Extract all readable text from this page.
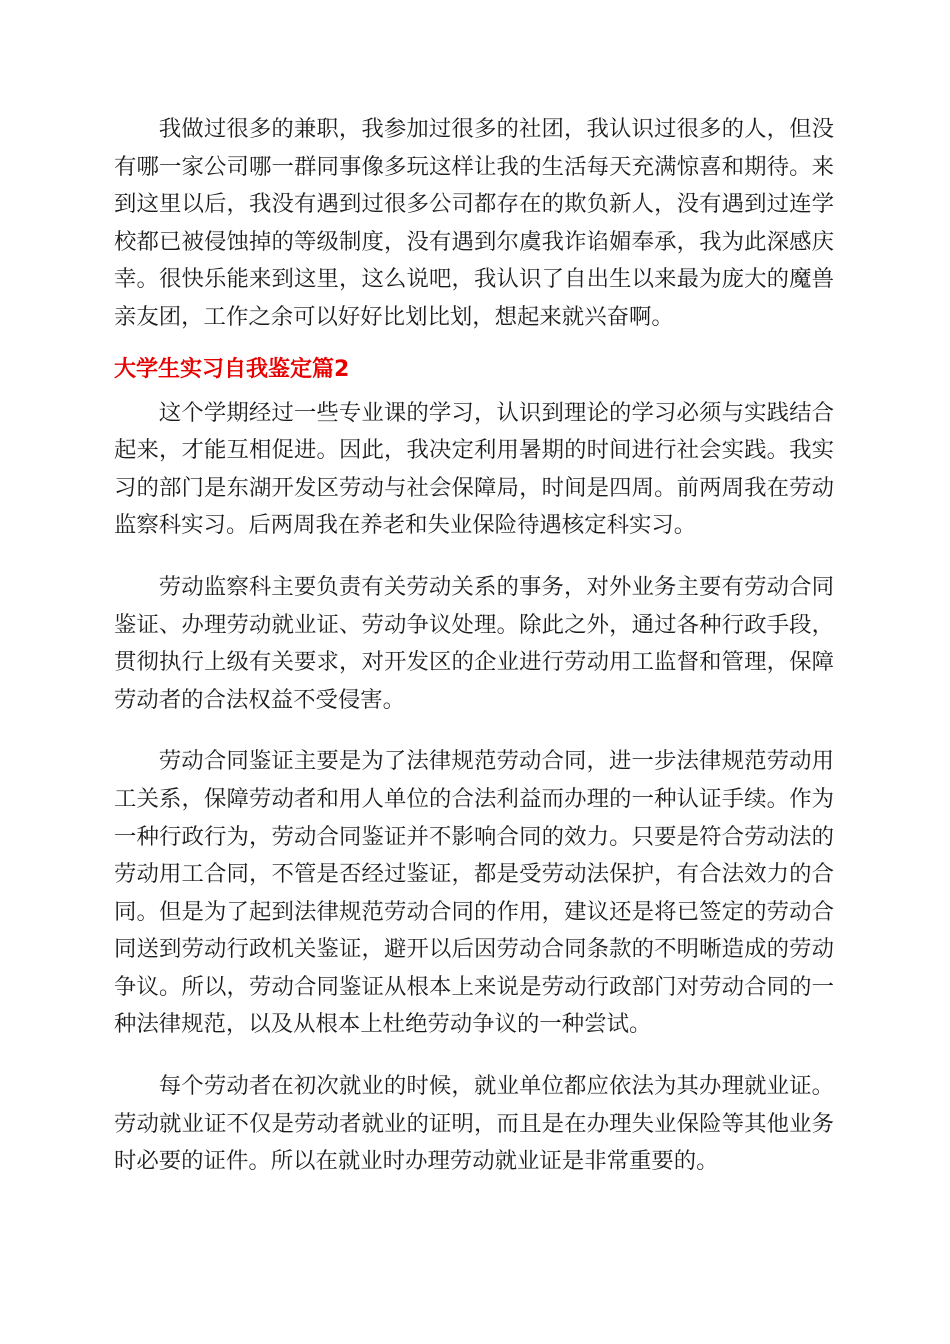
我做过很多的兼职，我参加过很多的社团，我认识过很多的人，但没有哪一家公司哪一群同事像多玩这样让我的生活每天充满惊喜和期待。来到这里以后，我没有遇到过很多公司都存在的欺负新人，没有遇到过连学校都已被侵蚀掉的等级制度，没有遇到尔虞我诈谄媚奉承，我为此深感庆幸。很快乐能来到这里，这么说吧，我认识了自出生以来最为庞大的魔兽亲友团，工作之余可以好好比划比划，想起来就兴奋啊。

大学生实习自我鉴定篇2

这个学期经过一些专业课的学习，认识到理论的学习必须与实践结合起来，才能互相促进。因此，我决定利用暑期的时间进行社会实践。我实习的部门是东湖开发区劳动与社会保障局，时间是四周。前两周我在劳动监察科实习。后两周我在养老和失业保险待遇核定科实习。

劳动监察科主要负责有关劳动关系的事务，对外业务主要有劳动合同鉴证、办理劳动就业证、劳动争议处理。除此之外，通过各种行政手段，贯彻执行上级有关要求，对开发区的企业进行劳动用工监督和管理，保障劳动者的合法权益不受侵害。

劳动合同鉴证主要是为了法律规范劳动合同，进一步法律规范劳动用工关系，保障劳动者和用人单位的合法利益而办理的一种认证手续。作为一种行政行为，劳动合同鉴证并不影响合同的效力。只要是符合劳动法的劳动用工合同，不管是否经过鉴证，都是受劳动法保护，有合法效力的合同。但是为了起到法律规范劳动合同的作用，建议还是将已签定的劳动合同送到劳动行政机关鉴证，避开以后因劳动合同条款的不明晰造成的劳动争议。所以，劳动合同鉴证从根本上来说是劳动行政部门对劳动合同的一种法律规范，以及从根本上杜绝劳动争议的一种尝试。

每个劳动者在初次就业的时候，就业单位都应依法为其办理就业证。劳动就业证不仅是劳动者就业的证明，而且是在办理失业保险等其他业务时必要的证件。所以在就业时办理劳动就业证是非常重要的。
